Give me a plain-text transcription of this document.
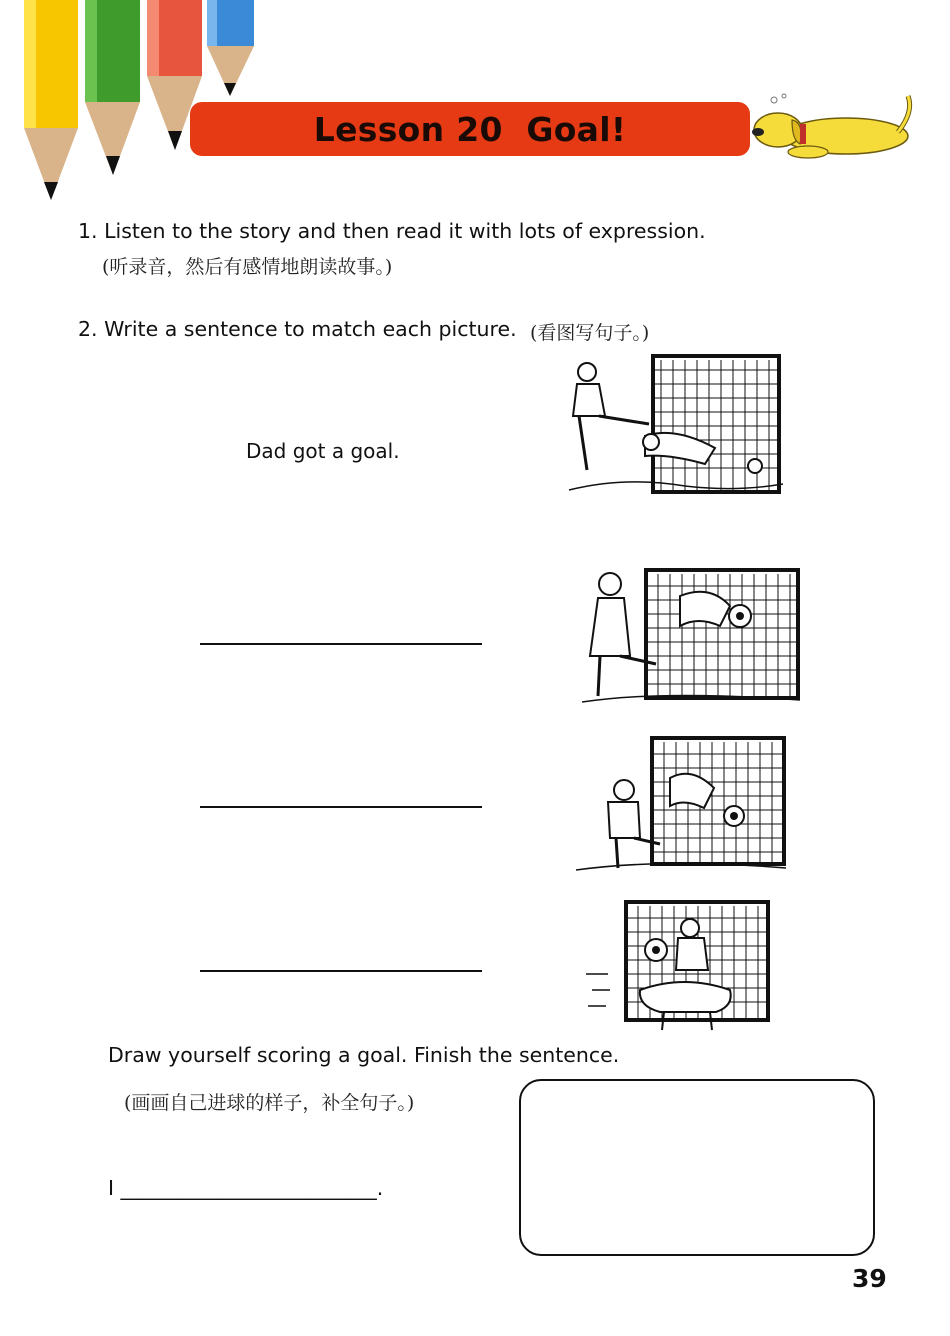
Lesson 20  Goal!
1. Listen to the story and then read it with lots of expression.
(听录音，然后有感情地朗读故事。)
2. Write a sentence to match each picture. (看图写句子。)
Dad got a goal.
Draw yourself scoring a goal. Finish the sentence.
(画画自己进球的样子，补全句子。)
I _________________________.
39
